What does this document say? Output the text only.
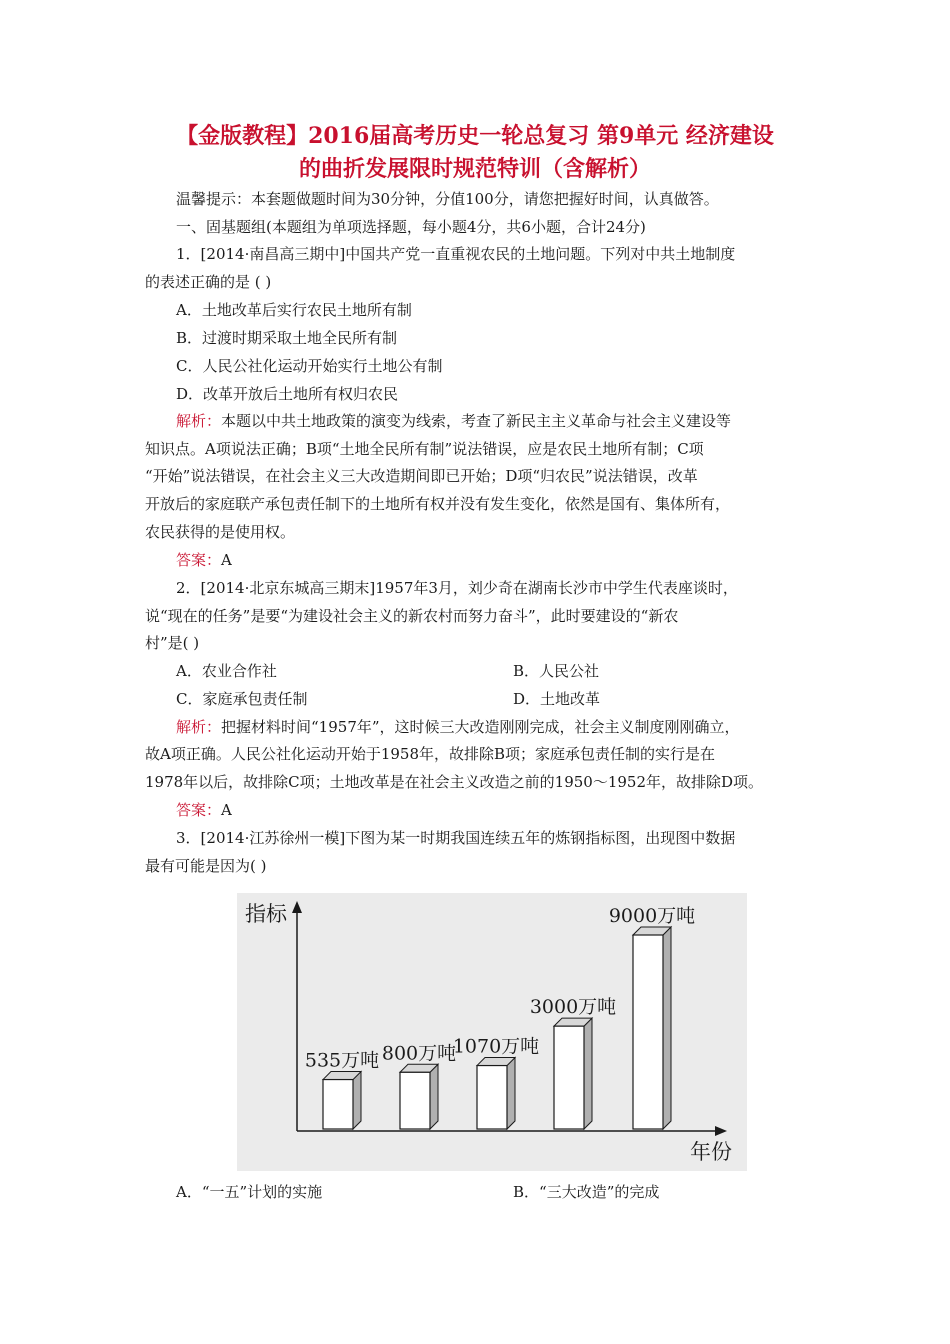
【金版教程】2016届高考历史一轮总复习 第9单元 经济建设

的曲折发展限时规范特训（含解析）

温馨提示：本套题做题时间为30分钟，分值100分，请您把握好时间，认真做答。

一、固基题组(本题组为单项选择题，每小题4分，共6小题，合计24分)

1．[2014·南昌高三期中]中国共产党一直重视农民的土地问题。下列对中共土地制度

的表述正确的是 ( )

A．土地改革后实行农民土地所有制

B．过渡时期采取土地全民所有制

C．人民公社化运动开始实行土地公有制

D．改革开放后土地所有权归农民

解析：本题以中共土地政策的演变为线索，考查了新民主主义革命与社会主义建设等

知识点。A项说法正确；B项“土地全民所有制”说法错误，应是农民土地所有制；C项

“开始”说法错误，在社会主义三大改造期间即已开始；D项“归农民”说法错误，改革

开放后的家庭联产承包责任制下的土地所有权并没有发生变化，依然是国有、集体所有，

农民获得的是使用权。

答案：A

2．[2014·北京东城高三期末]1957年3月，刘少奇在湖南长沙市中学生代表座谈时，

说“现在的任务”是要“为建设社会主义的新农村而努力奋斗”，此时要建设的“新农

村”是( )

A．农业合作社	B．人民公社

C．家庭承包责任制	D．土地改革

解析：把握材料时间“1957年”，这时候三大改造刚刚完成，社会主义制度刚刚确立，

故A项正确。人民公社化运动开始于1958年，故排除B项；家庭承包责任制的实行是在

1978年以后，故排除C项；土地改革是在社会主义改造之前的1950～1952年，故排除D项。

答案：A

3．[2014·江苏徐州一模]下图为某一时期我国连续五年的炼钢指标图，出现图中数据

最有可能是因为( )

指标
年份
535万吨 800万吨
1070万吨
3000万吨
9000万吨

A．“一五”计划的实施	B．“三大改造”的完成
